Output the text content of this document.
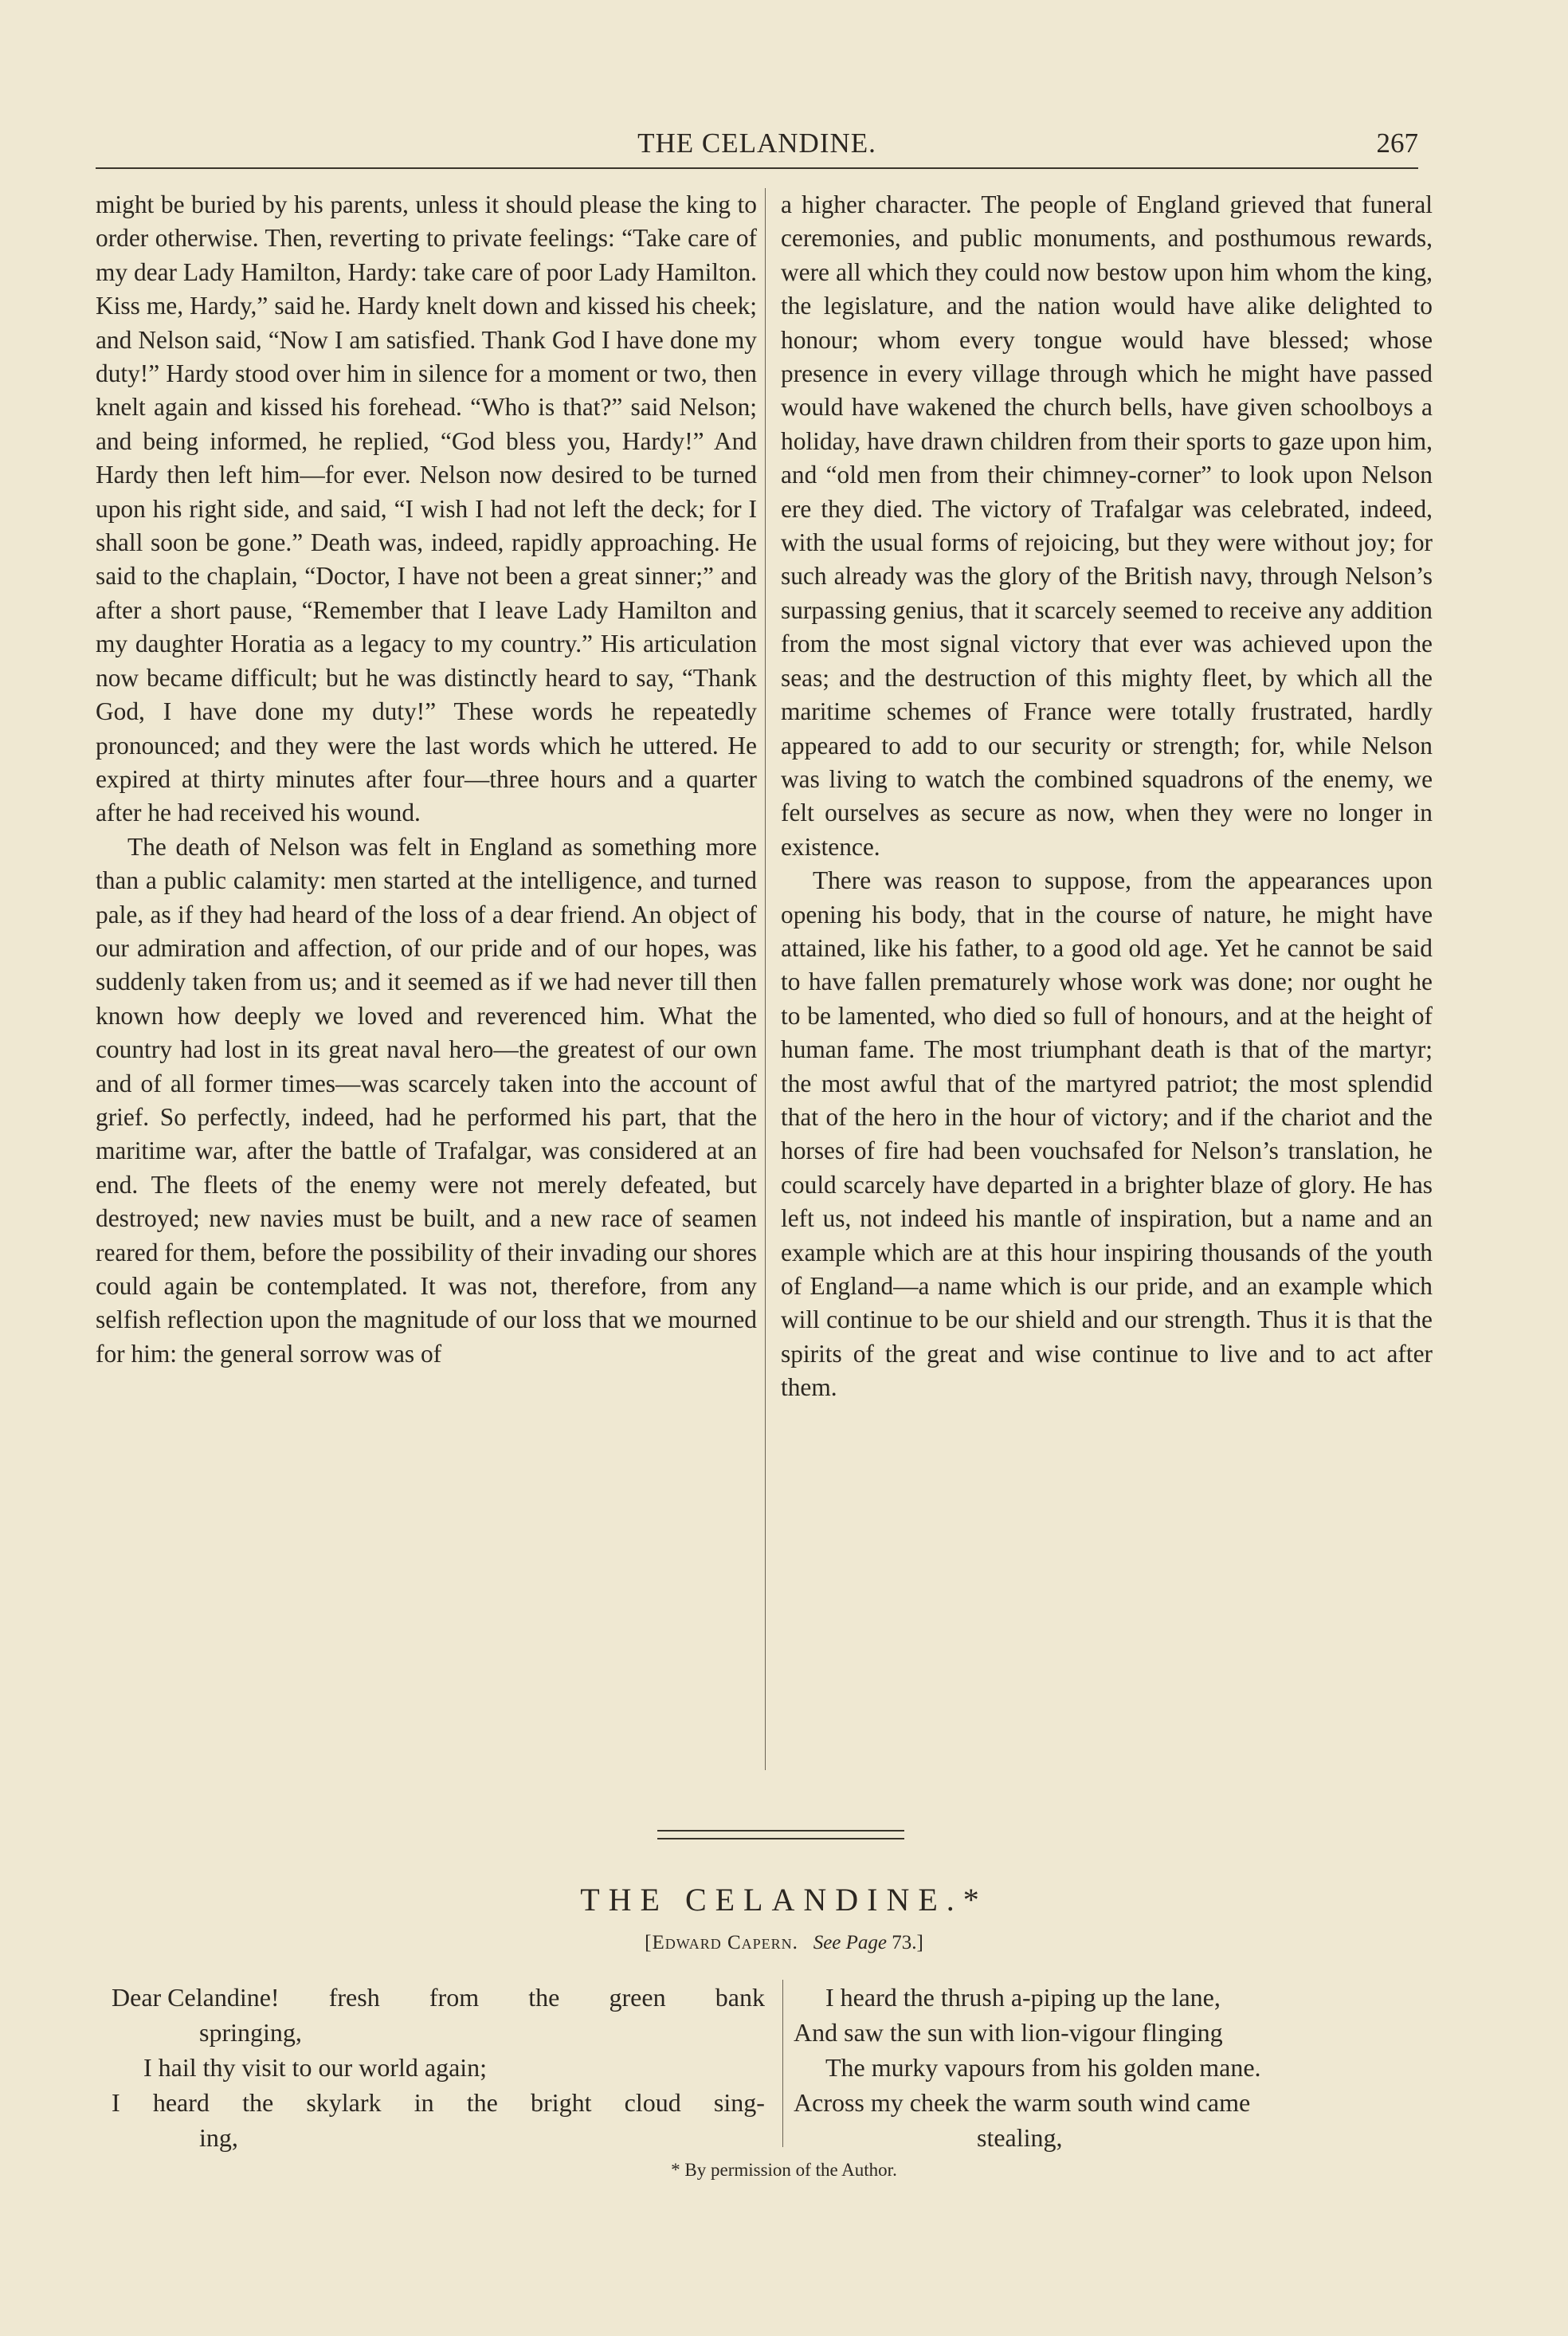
THE CELANDINE.	267

might be buried by his parents, unless it should please the king to order otherwise. Then, reverting to private feelings: “Take care of my dear Lady Hamilton, Hardy: take care of poor Lady Hamilton. Kiss me, Hardy,” said he. Hardy knelt down and kissed his cheek; and Nelson said, “Now I am satisfied. Thank God I have done my duty!” Hardy stood over him in silence for a moment or two, then knelt again and kissed his forehead. “Who is that?” said Nelson; and being informed, he replied, “God bless you, Hardy!” And Hardy then left him—for ever. Nelson now desired to be turned upon his right side, and said, “I wish I had not left the deck; for I shall soon be gone.” Death was, indeed, rapidly approaching. He said to the chaplain, “Doctor, I have not been a great sinner;” and after a short pause, “Remember that I leave Lady Hamilton and my daughter Horatia as a legacy to my country.” His articulation now became difficult; but he was distinctly heard to say, “Thank God, I have done my duty!” These words he repeatedly pronounced; and they were the last words which he uttered. He expired at thirty minutes after four—three hours and a quarter after he had received his wound.

The death of Nelson was felt in England as something more than a public calamity: men started at the intelligence, and turned pale, as if they had heard of the loss of a dear friend. An object of our admiration and affection, of our pride and of our hopes, was suddenly taken from us; and it seemed as if we had never till then known how deeply we loved and reverenced him. What the country had lost in its great naval hero—the greatest of our own and of all former times—was scarcely taken into the account of grief. So perfectly, indeed, had he performed his part, that the maritime war, after the battle of Trafalgar, was considered at an end. The fleets of the enemy were not merely defeated, but destroyed; new navies must be built, and a new race of seamen reared for them, before the possibility of their invading our shores could again be contemplated. It was not, therefore, from any selfish reflection upon the magnitude of our loss that we mourned for him: the general sorrow was of

a higher character. The people of England grieved that funeral ceremonies, and public monuments, and posthumous rewards, were all which they could now bestow upon him whom the king, the legislature, and the nation would have alike delighted to honour; whom every tongue would have blessed; whose presence in every village through which he might have passed would have wakened the church bells, have given schoolboys a holiday, have drawn children from their sports to gaze upon him, and “old men from their chimney-corner” to look upon Nelson ere they died. The victory of Trafalgar was celebrated, indeed, with the usual forms of rejoicing, but they were without joy; for such already was the glory of the British navy, through Nelson’s surpassing genius, that it scarcely seemed to receive any addition from the most signal victory that ever was achieved upon the seas; and the destruction of this mighty fleet, by which all the maritime schemes of France were totally frustrated, hardly appeared to add to our security or strength; for, while Nelson was living to watch the combined squadrons of the enemy, we felt ourselves as secure as now, when they were no longer in existence.

There was reason to suppose, from the appearances upon opening his body, that in the course of nature, he might have attained, like his father, to a good old age. Yet he cannot be said to have fallen prematurely whose work was done; nor ought he to be lamented, who died so full of honours, and at the height of human fame. The most triumphant death is that of the martyr; the most awful that of the martyred patriot; the most splendid that of the hero in the hour of victory; and if the chariot and the horses of fire had been vouchsafed for Nelson’s translation, he could scarcely have departed in a brighter blaze of glory. He has left us, not indeed his mantle of inspiration, but a name and an example which are at this hour inspiring thousands of the youth of England—a name which is our pride, and an example which will continue to be our shield and our strength. Thus it is that the spirits of the great and wise continue to live and to act after them.

THE CELANDINE.*
[Edward Capern. See Page 73.]
Dear Celandine! fresh from the green bank
springing,
I hail thy visit to our world again;
I heard the skylark in the bright cloud sing-
ing,
I heard the thrush a-piping up the lane,
And saw the sun with lion-vigour flinging
The murky vapours from his golden mane.
Across my cheek the warm south wind came
stealing,
* By permission of the Author.
